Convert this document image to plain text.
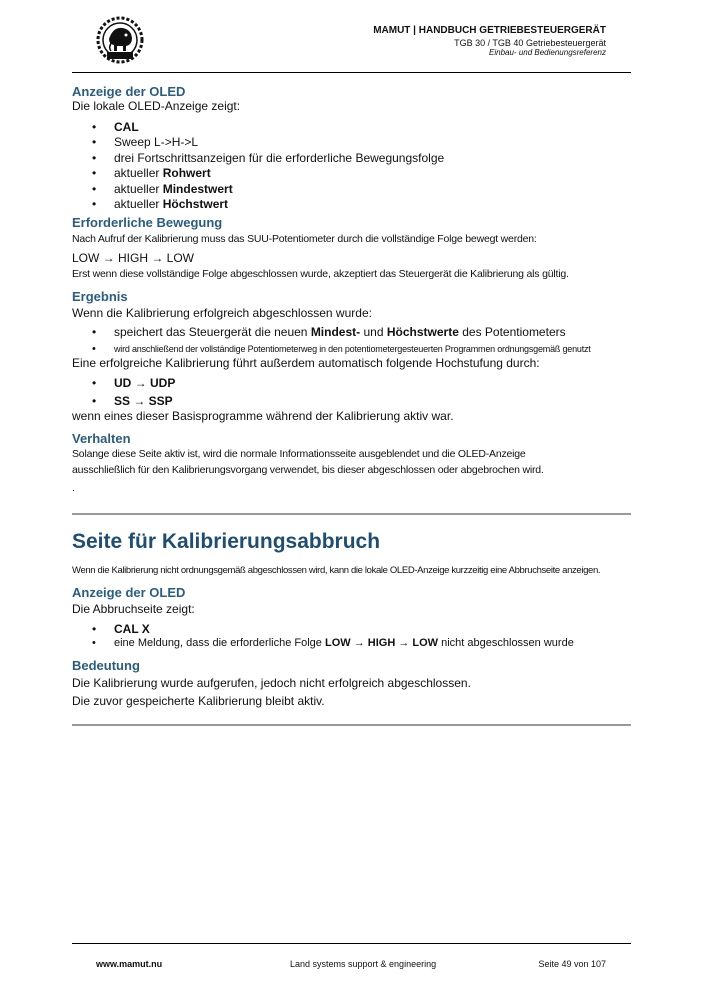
MAMUT | HANDBUCH GETRIEBESTEUERGERÄT
TGB 30 / TGB 40 Getriebesteuergerät
Einbau- und Bedienungsreferenz
Anzeige der OLED
Die lokale OLED-Anzeige zeigt:
• CAL
• Sweep L->H->L
• drei Fortschrittsanzeigen für die erforderliche Bewegungsfolge
• aktueller Rohwert
• aktueller Mindestwert
• aktueller Höchstwert
Erforderliche Bewegung
Nach Aufruf der Kalibrierung muss das SUU-Potentiometer durch die vollständige Folge bewegt werden:
LOW → HIGH → LOW
Erst wenn diese vollständige Folge abgeschlossen wurde, akzeptiert das Steuergerät die Kalibrierung als gültig.
Ergebnis
Wenn die Kalibrierung erfolgreich abgeschlossen wurde:
• speichert das Steuergerät die neuen Mindest- und Höchstwerte des Potentiometers
• wird anschließend der vollständige Potentiometerweg in den potentiometergesteuerten Programmen ordnungsgemäß genutzt
Eine erfolgreiche Kalibrierung führt außerdem automatisch folgende Hochstufung durch:
• UD → UDP
• SS → SSP
wenn eines dieser Basisprogramme während der Kalibrierung aktiv war.
Verhalten
Solange diese Seite aktiv ist, wird die normale Informationsseite ausgeblendet und die OLED-Anzeige
ausschließlich für den Kalibrierungsvorgang verwendet, bis dieser abgeschlossen oder abgebrochen wird.
.
Seite für Kalibrierungsabbruch
Wenn die Kalibrierung nicht ordnungsgemäß abgeschlossen wird, kann die lokale OLED-Anzeige kurzzeitig eine Abbruchseite anzeigen.
Anzeige der OLED
Die Abbruchseite zeigt:
• CAL X
• eine Meldung, dass die erforderliche Folge LOW → HIGH → LOW nicht abgeschlossen wurde
Bedeutung
Die Kalibrierung wurde aufgerufen, jedoch nicht erfolgreich abgeschlossen.
Die zuvor gespeicherte Kalibrierung bleibt aktiv.
www.mamut.nu	Land systems support & engineering	Seite 49 von 107
